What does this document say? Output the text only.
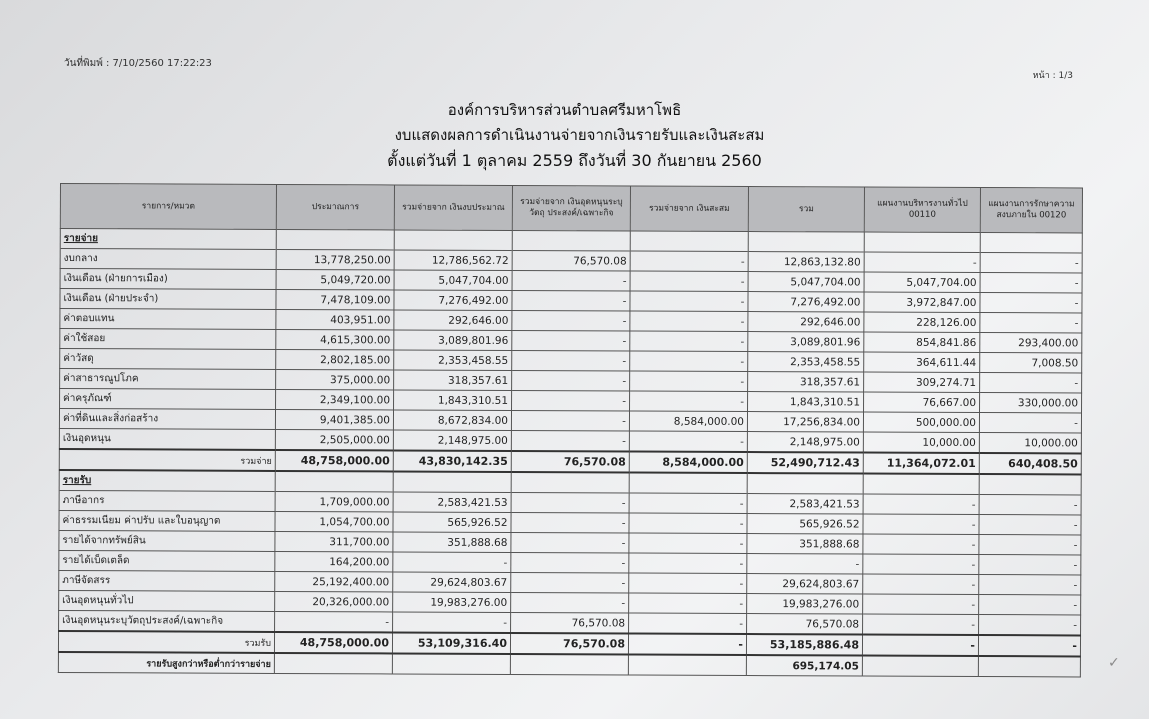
วันที่พิมพ์ : 7/10/2560 17:22:23
หน้า : 1/3
องค์การบริหารส่วนตำบลศรีมหาโพธิ
งบแสดงผลการดำเนินงานจ่ายจากเงินรายรับและเงินสะสม
ตั้งแต่วันที่ 1 ตุลาคม 2559 ถึงวันที่ 30 กันยายน 2560
รายการ/หมวด	ประมาณการ	รวมจ่ายจาก เงินงบประมาณ	รวมจ่ายจาก เงินอุดหนุนระบุวัตถุ ประสงค์/เฉพาะกิจ	รวมจ่ายจาก เงินสะสม	รวม	แผนงานบริหารงานทั่วไป 00110	แผนงานการรักษาความ สงบภายใน 00120
รายจ่าย							
งบกลาง	13,778,250.00	12,786,562.72	76,570.08	-	12,863,132.80	-	-
เงินเดือน (ฝ่ายการเมือง)	5,049,720.00	5,047,704.00	-	-	5,047,704.00	5,047,704.00	-
เงินเดือน (ฝ่ายประจำ)	7,478,109.00	7,276,492.00	-	-	7,276,492.00	3,972,847.00	-
ค่าตอบแทน	403,951.00	292,646.00	-	-	292,646.00	228,126.00	-
ค่าใช้สอย	4,615,300.00	3,089,801.96	-	-	3,089,801.96	854,841.86	293,400.00
ค่าวัสดุ	2,802,185.00	2,353,458.55	-	-	2,353,458.55	364,611.44	7,008.50
ค่าสาธารณูปโภค	375,000.00	318,357.61	-	-	318,357.61	309,274.71	-
ค่าครุภัณฑ์	2,349,100.00	1,843,310.51	-	-	1,843,310.51	76,667.00	330,000.00
ค่าที่ดินและสิ่งก่อสร้าง	9,401,385.00	8,672,834.00	-	8,584,000.00	17,256,834.00	500,000.00	-
เงินอุดหนุน	2,505,000.00	2,148,975.00	-	-	2,148,975.00	10,000.00	10,000.00
รวมจ่าย	48,758,000.00	43,830,142.35	76,570.08	8,584,000.00	52,490,712.43	11,364,072.01	640,408.50
รายรับ							
ภาษีอากร	1,709,000.00	2,583,421.53	-	-	2,583,421.53	-	-
ค่าธรรมเนียม ค่าปรับ และใบอนุญาต	1,054,700.00	565,926.52	-	-	565,926.52	-	-
รายได้จากทรัพย์สิน	311,700.00	351,888.68	-	-	351,888.68	-	-
รายได้เบ็ดเตล็ด	164,200.00	-	-	-	-	-	-
ภาษีจัดสรร	25,192,400.00	29,624,803.67	-	-	29,624,803.67	-	-
เงินอุดหนุนทั่วไป	20,326,000.00	19,983,276.00	-	-	19,983,276.00	-	-
เงินอุดหนุนระบุวัตถุประสงค์/เฉพาะกิจ	-	-	76,570.08	-	76,570.08	-	-
รวมรับ	48,758,000.00	53,109,316.40	76,570.08	-	53,185,886.48	-	-
รายรับสูงกว่าหรือต่ำกว่ารายจ่าย					695,174.05			✓
